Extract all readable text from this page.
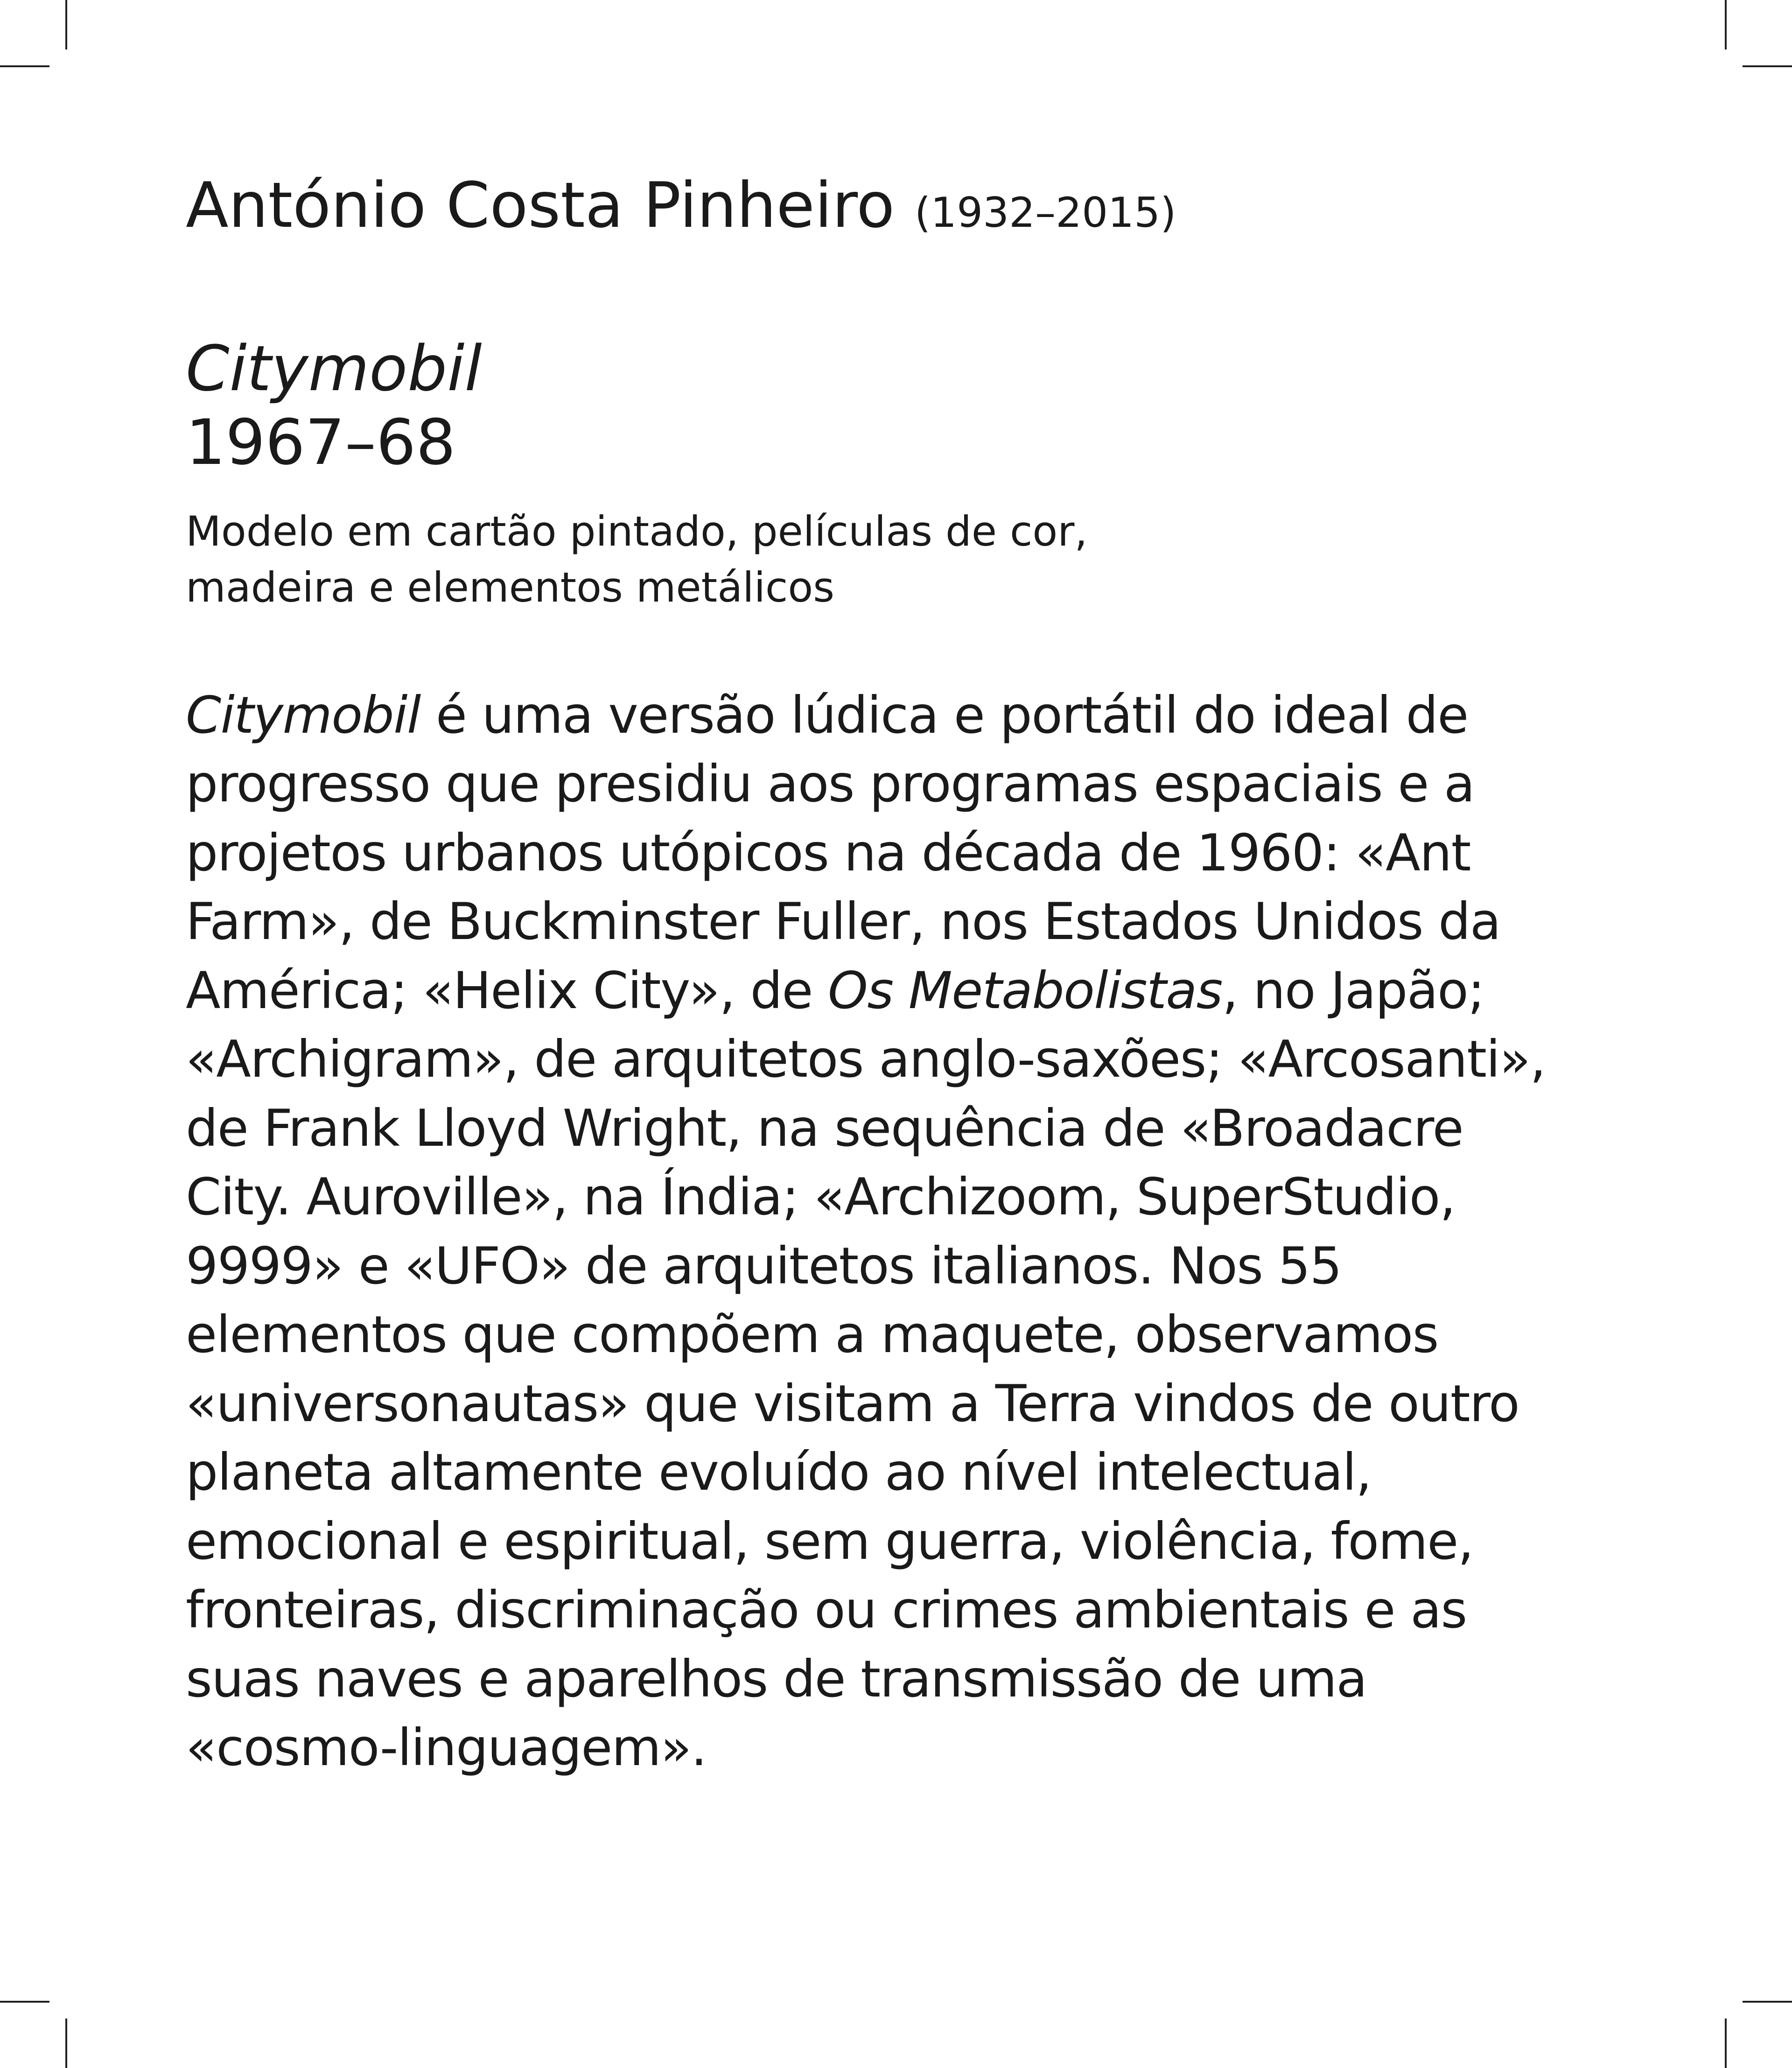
António Costa Pinheiro (1932–2015)
Citymobil
1967–68
Modelo em cartão pintado, películas de cor,
madeira e elementos metálicos
Citymobil é uma versão lúdica e portátil do ideal de
progresso que presidiu aos programas espaciais e a
projetos urbanos utópicos na década de 1960: «Ant
Farm», de Buckminster Fuller, nos Estados Unidos da
América; «Helix City», de Os Metabolistas, no Japão;
«Archigram», de arquitetos anglo-saxões; «Arcosanti»,
de Frank Lloyd Wright, na sequência de «Broadacre
City. Auroville», na Índia; «Archizoom, SuperStudio,
9999» e «UFO» de arquitetos italianos. Nos 55
elementos que compõem a maquete, observamos
«universonautas» que visitam a Terra vindos de outro
planeta altamente evoluído ao nível intelectual,
emocional e espiritual, sem guerra, violência, fome,
fronteiras, discriminação ou crimes ambientais e as
suas naves e aparelhos de transmissão de uma
«cosmo-linguagem».
